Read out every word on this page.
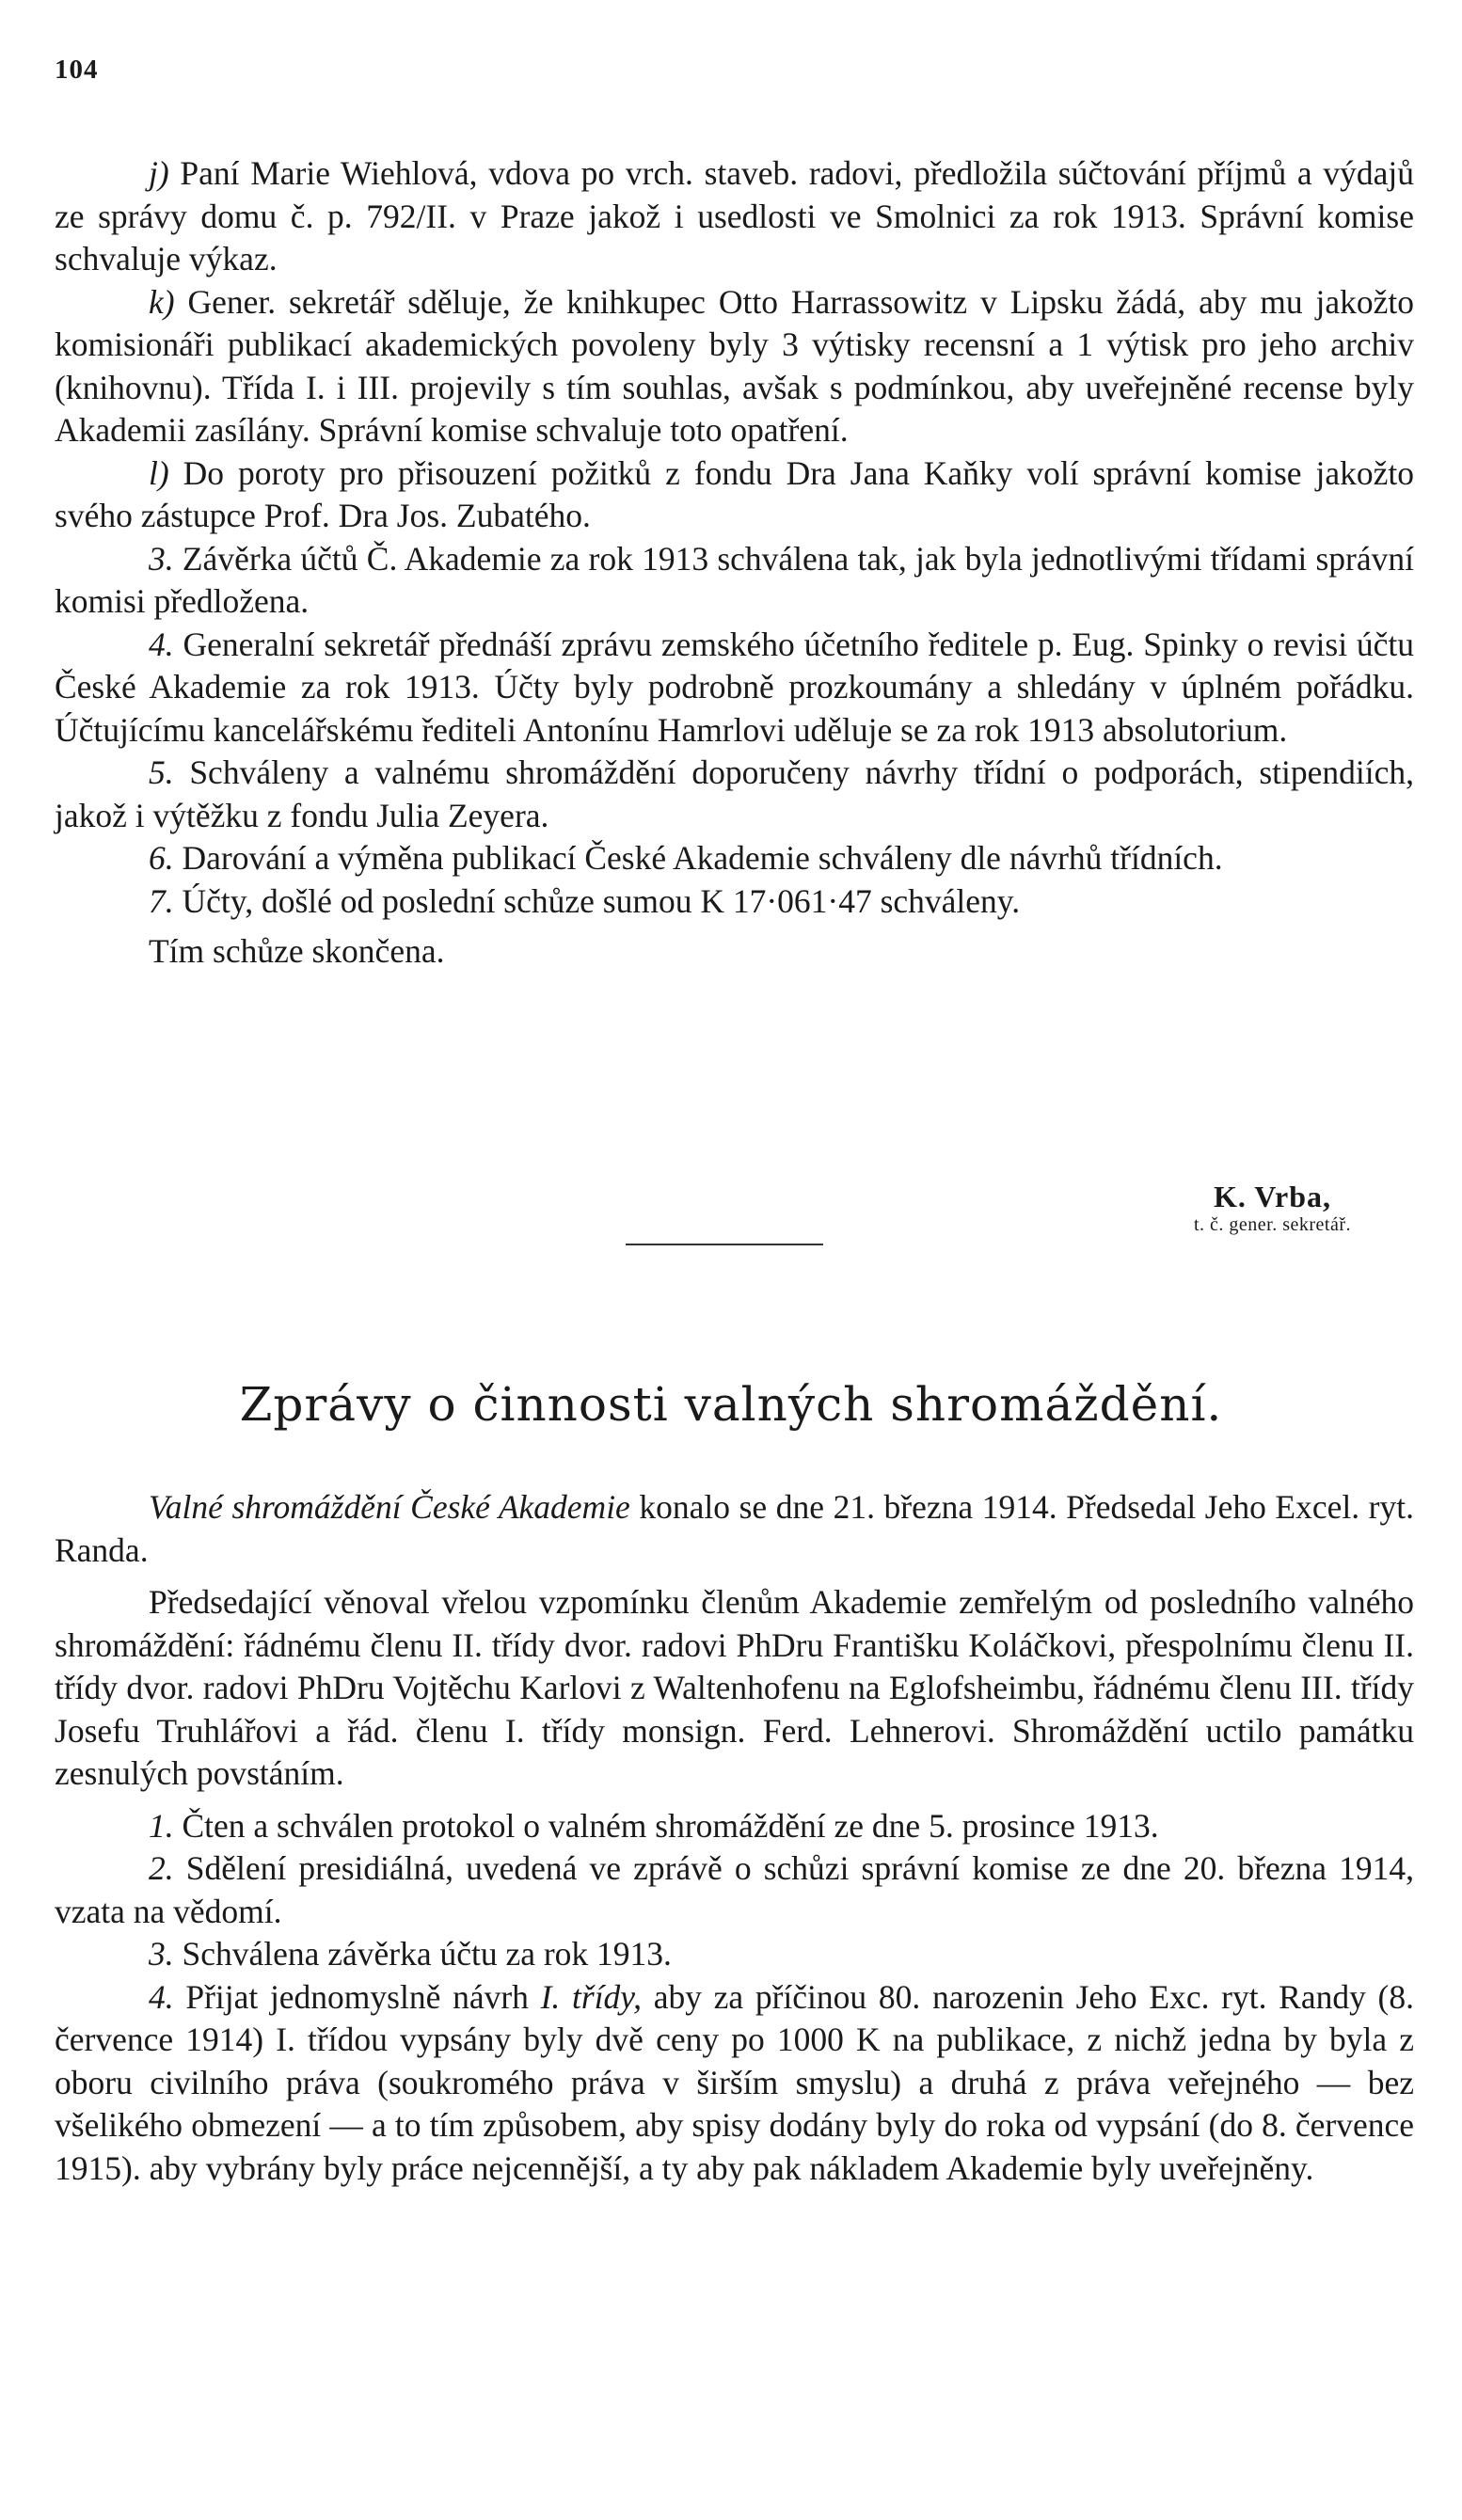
104

j) Paní Marie Wiehlová, vdova po vrch. staveb. radovi, předložila súčtování příjmů a výdajů ze správy domu č. p. 792/II. v Praze jakož i usedlosti ve Smolnici za rok 1913. Správní komise schvaluje výkaz.

k) Gener. sekretář sděluje, že knihkupec Otto Harrassowitz v Lipsku žádá, aby mu jakožto komisionáři publikací akademických povoleny byly 3 výtisky recensní a 1 výtisk pro jeho archiv (knihovnu). Třída I. i III. projevily s tím souhlas, avšak s podmínkou, aby uveřejněné recense byly Akademii zasílány. Správní komise schvaluje toto opatření.

l) Do poroty pro přisouzení požitků z fondu Dra Jana Kaňky volí správní komise jakožto svého zástupce Prof. Dra Jos. Zubatého.

3. Závěrka účtů Č. Akademie za rok 1913 schválena tak, jak byla jednotlivými třídami správní komisi předložena.

4. Generalní sekretář přednáší zprávu zemského účetního ředitele p. Eug. Spinky o revisi účtu České Akademie za rok 1913. Účty byly podrobně prozkoumány a shledány v úplném pořádku. Účtujícímu kancelářskému řediteli Antonínu Hamrlovi uděluje se za rok 1913 absolutorium.

5. Schváleny a valnému shromáždění doporučeny návrhy třídní o podporách, stipendiích, jakož i výtěžku z fondu Julia Zeyera.

6. Darování a výměna publikací České Akademie schváleny dle návrhů třídních.

7. Účty, došlé od poslední schůze sumou K 17·061·47 schváleny.

Tím schůze skončena.

K. Vrba,
t. č. gener. sekretář.
Zprávy o činnosti valných shromáždění.

Valné shromáždění České Akademie konalo se dne 21. března 1914. Předsedal Jeho Excel. ryt. Randa.

Předsedající věnoval vřelou vzpomínku členům Akademie zemřelým od posledního valného shromáždění: řádnému členu II. třídy dvor. radovi PhDru Františku Koláčkovi, přespolnímu členu II. třídy dvor. radovi PhDru Vojtěchu Karlovi z Waltenhofenu na Eglofsheimbu, řádnému členu III. třídy Josefu Truhlářovi a řád. členu I. třídy monsign. Ferd. Lehnerovi. Shromáždění uctilo památku zesnulých povstáním.

1. Čten a schválen protokol o valném shromáždění ze dne 5. prosince 1913.

2. Sdělení presidiálná, uvedená ve zprávě o schůzi správní komise ze dne 20. března 1914, vzata na vědomí.

3. Schválena závěrka účtu za rok 1913.

4. Přijat jednomyslně návrh I. třídy, aby za příčinou 80. narozenin Jeho Exc. ryt. Randy (8. července 1914) I. třídou vypsány byly dvě ceny po 1000 K na publikace, z nichž jedna by byla z oboru civilního práva (soukromého práva v širším smyslu) a druhá z práva veřejného — bez všelikého obmezení — a to tím způsobem, aby spisy dodány byly do roka od vypsání (do 8. července 1915). aby vybrány byly práce nejcennější, a ty aby pak nákladem Akademie byly uveřejněny.
